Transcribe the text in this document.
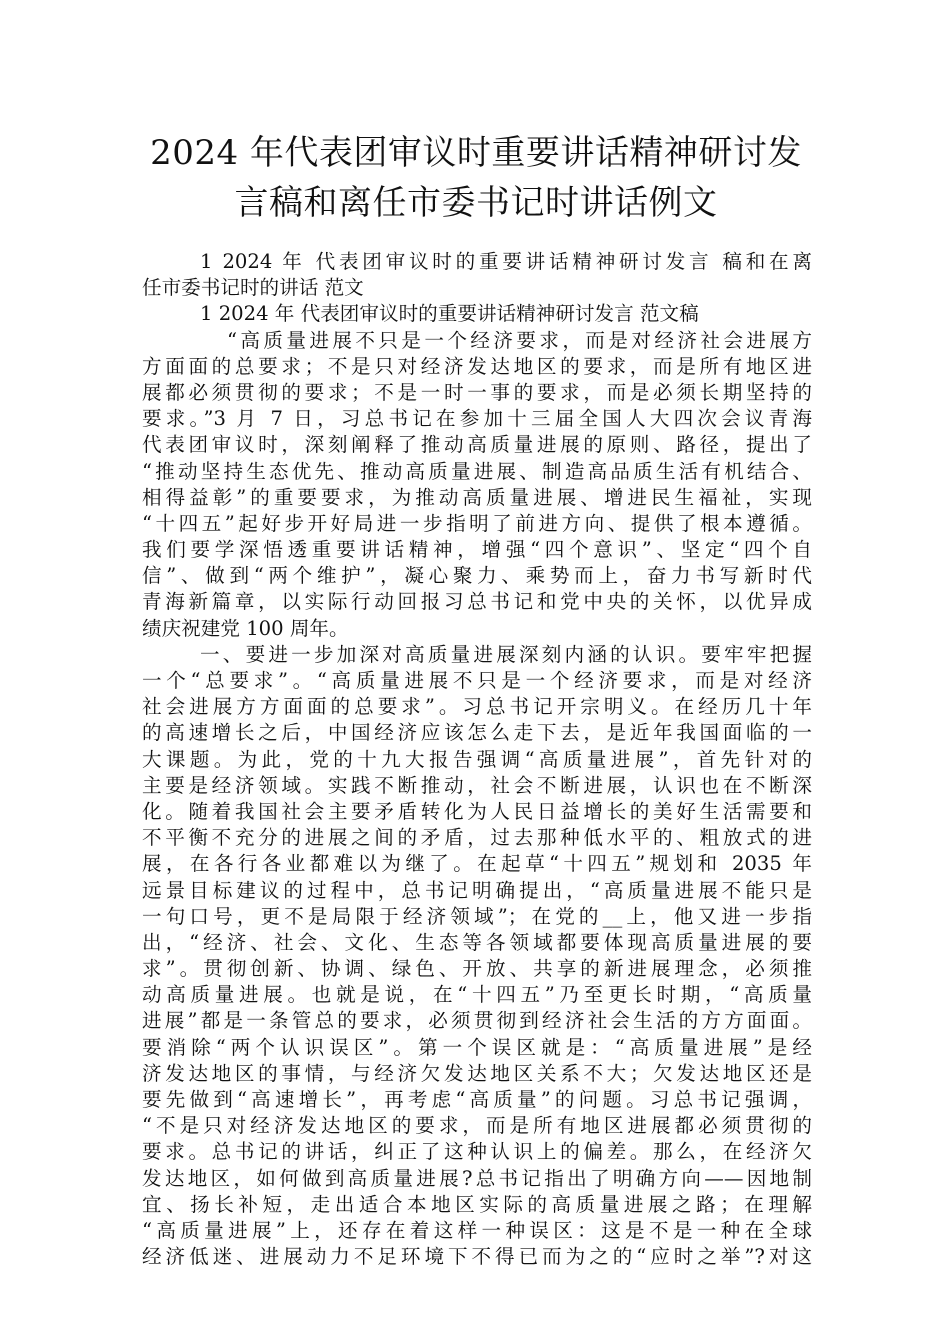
2024 年代表团审议时重要讲话精神研讨发
言稿和离任市委书记时讲话例文
1 2024 年 代表团审议时的重要讲话精神研讨发言 稿和在离
任市委书记时的讲话 范文
1 2024 年 代表团审议时的重要讲话精神研讨发言 范文稿
“高质量进展不只是一个经济要求，而是对经济社会进展方
方面面的总要求；不是只对经济发达地区的要求，而是所有地区进
展都必须贯彻的要求；不是一时一事的要求，而是必须长期坚持的
要求。”3 月 7 日，习总书记在参加十三届全国人大四次会议青海
代表团审议时，深刻阐释了推动高质量进展的原则、路径，提出了
“推动坚持生态优先、推动高质量进展、制造高品质生活有机结合、
相得益彰”的重要要求，为推动高质量进展、增进民生福祉，实现
“十四五”起好步开好局进一步指明了前进方向、提供了根本遵循。
我们要学深悟透重要讲话精神，增强“四个意识”、坚定“四个自
信”、做到“两个维护”，凝心聚力、乘势而上，奋力书写新时代
青海新篇章，以实际行动回报习总书记和党中央的关怀，以优异成
绩庆祝建党 100 周年。
一、要进一步加深对高质量进展深刻内涵的认识。要牢牢把握
一个“总要求”。“高质量进展不只是一个经济要求，而是对经济
社会进展方方面面的总要求”。习总书记开宗明义。在经历几十年
的高速增长之后，中国经济应该怎么走下去，是近年我国面临的一
大课题。为此，党的十九大报告强调“高质量进展”，首先针对的
主要是经济领域。实践不断推动，社会不断进展，认识也在不断深
化。随着我国社会主要矛盾转化为人民日益增长的美好生活需要和
不平衡不充分的进展之间的矛盾，过去那种低水平的、粗放式的进
展，在各行各业都难以为继了。在起草“十四五”规划和 2035 年
远景目标建议的过程中，总书记明确提出，“高质量进展不能只是
一句口号，更不是局限于经济领域”；在党的__上，他又进一步指
出，“经济、社会、文化、生态等各领域都要体现高质量进展的要
求”。贯彻创新、协调、绿色、开放、共享的新进展理念，必须推
动高质量进展。也就是说，在“十四五”乃至更长时期，“高质量
进展”都是一条管总的要求，必须贯彻到经济社会生活的方方面面。
要消除“两个认识误区”。第一个误区就是：“高质量进展”是经
济发达地区的事情，与经济欠发达地区关系不大；欠发达地区还是
要先做到“高速增长”，再考虑“高质量”的问题。习总书记强调，
“不是只对经济发达地区的要求，而是所有地区进展都必须贯彻的
要求。总书记的讲话，纠正了这种认识上的偏差。那么，在经济欠
发达地区，如何做到高质量进展?总书记指出了明确方向——因地制
宜、扬长补短，走出适合本地区实际的高质量进展之路；在理解
“高质量进展”上，还存在着这样一种误区：这是不是一种在全球
经济低迷、进展动力不足环境下不得已而为之的“应时之举”?对这
